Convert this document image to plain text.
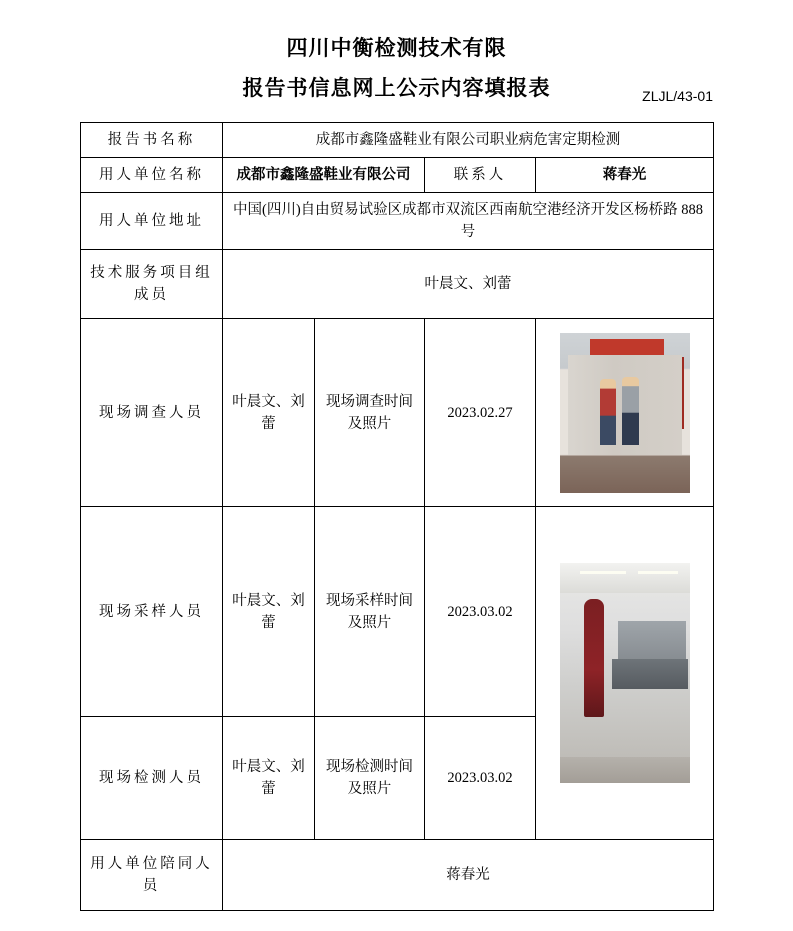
四川中衡检测技术有限
报告书信息网上公示内容填报表	ZLJL/43-01
报告书名称	成都市鑫隆盛鞋业有限公司职业病危害定期检测			
用人单位名称	成都市鑫隆盛鞋业有限公司		联系人	蒋春光
用人单位地址	中国(四川)自由贸易试验区成都市双流区西南航空港经济开发区杨桥路 888 号			
技术服务项目组成员	叶晨文、刘蕾			
现场调查人员	叶晨文、刘蕾	现场调查时间及照片	2023.02.27	

现场采样人员	叶晨文、刘蕾	现场采样时间及照片	2023.03.02	

现场检测人员	叶晨文、刘蕾	现场检测时间及照片	2023.03.02	
用人单位陪同人员	蒋春光			
